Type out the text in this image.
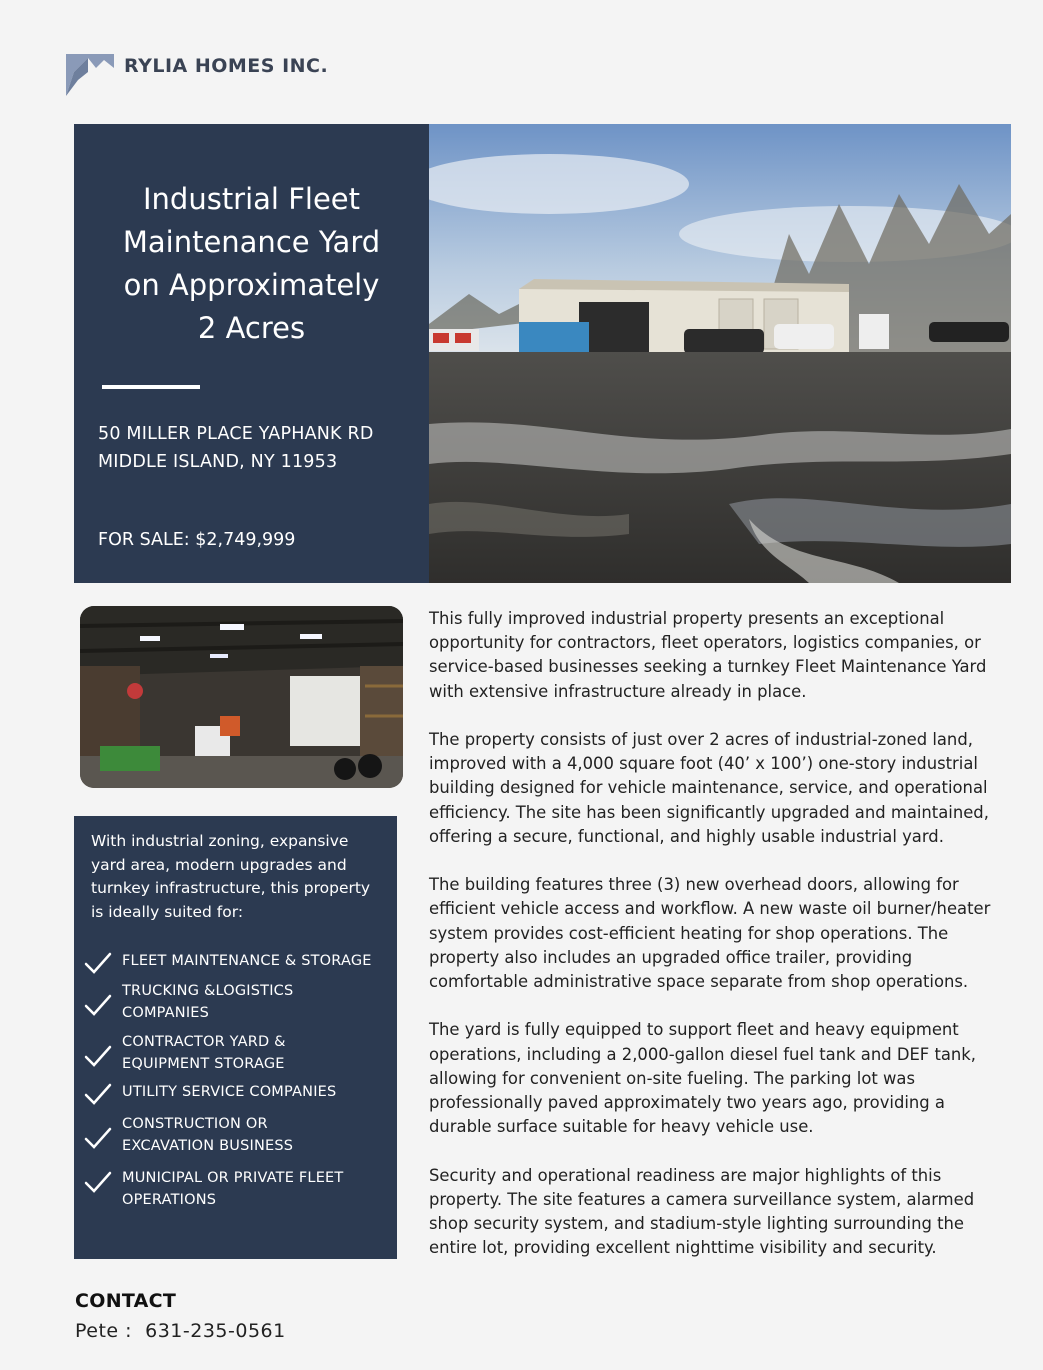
RYLIA HOMES INC.
Industrial Fleet
Maintenance Yard
on Approximately
2 Acres
50 MILLER PLACE YAPHANK RD
MIDDLE ISLAND, NY 11953
FOR SALE: $2,749,999
With industrial zoning, expansive yard area, modern upgrades and turnkey infrastructure, this property is ideally suited for:
FLEET MAINTENANCE & STORAGE
TRUCKING &LOGISTICS
COMPANIES
CONTRACTOR YARD &
EQUIPMENT STORAGE
UTILITY SERVICE COMPANIES
CONSTRUCTION OR
EXCAVATION BUSINESS
MUNICIPAL OR PRIVATE FLEET
OPERATIONS

This fully improved industrial property presents an exceptional opportunity for contractors, fleet operators, logistics companies, or service-based businesses seeking a turnkey Fleet Maintenance Yard with extensive infrastructure already in place.

The property consists of just over 2 acres of industrial-zoned land, improved with a 4,000 square foot (40’ x 100’) one-story industrial building designed for vehicle maintenance, service, and operational efficiency. The site has been significantly upgraded and maintained, offering a secure, functional, and highly usable industrial yard.

The building features three (3) new overhead doors, allowing for efficient vehicle access and workflow. A new waste oil burner/heater system provides cost-efficient heating for shop operations. The property also includes an upgraded office trailer, providing comfortable administrative space separate from shop operations.

The yard is fully equipped to support fleet and heavy equipment operations, including a 2,000-gallon diesel fuel tank and DEF tank, allowing for convenient on-site fueling. The parking lot was professionally paved approximately two years ago, providing a durable surface suitable for heavy vehicle use.

Security and operational readiness are major highlights of this property. The site features a camera surveillance system, alarmed shop security system, and stadium-style lighting surrounding the entire lot, providing excellent nighttime visibility and security.

CONTACT
Pete :  631-235-0561
